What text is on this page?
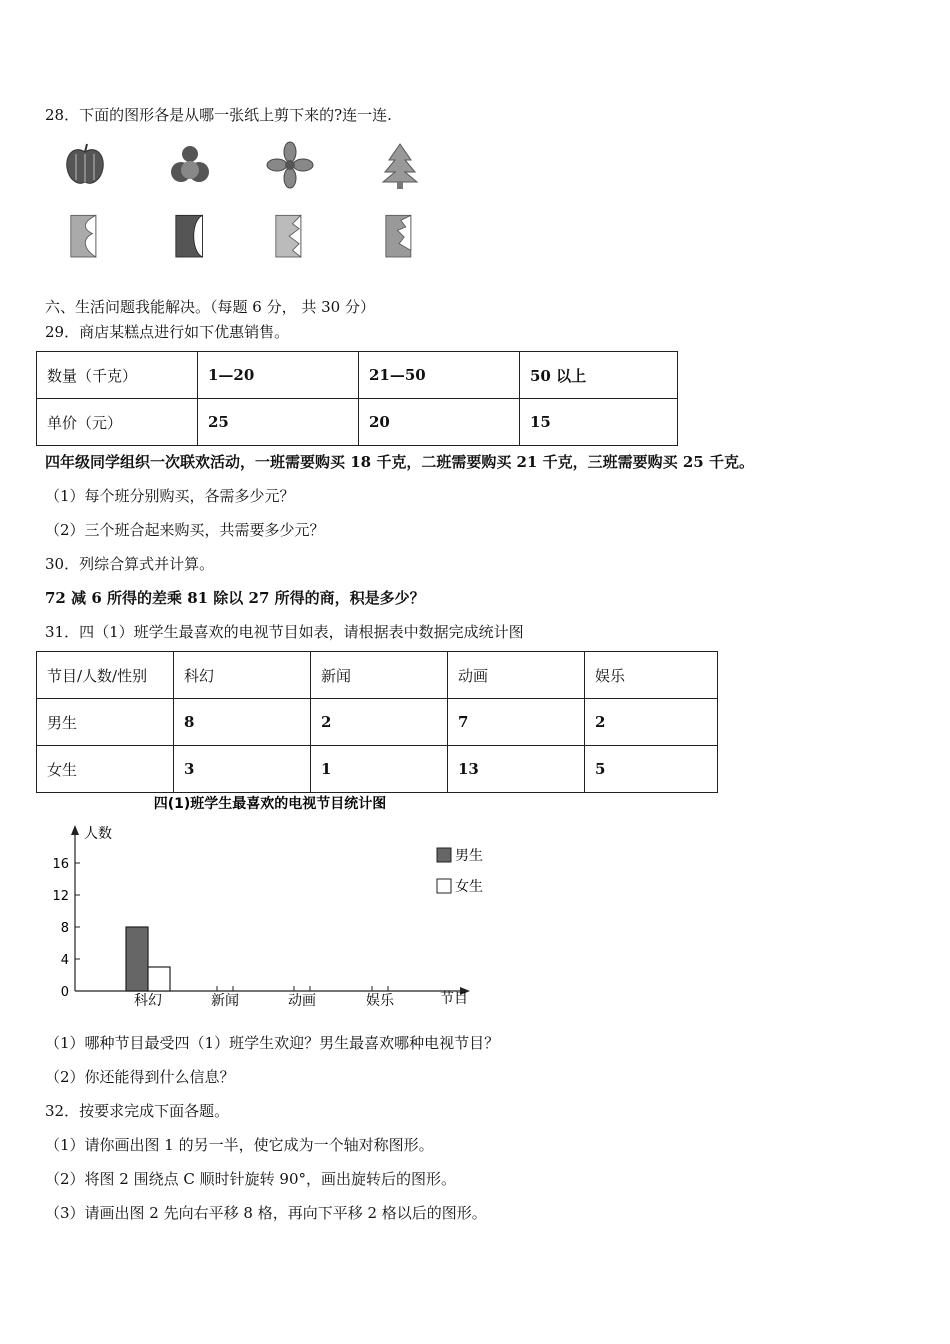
28．下面的图形各是从哪一张纸上剪下来的?连一连.
六、生活问题我能解决。（每题 6 分， 共 30 分）
29．商店某糕点进行如下优惠销售。
数量（千克）	1—20	21—50	50 以上
单价（元）	25	20	15
四年级同学组织一次联欢活动，一班需要购买 18 千克，二班需要购买 21 千克，三班需要购买 25 千克。
（1）每个班分别购买，各需多少元？
（2）三个班合起来购买，共需要多少元？
30．列综合算式并计算。
72 减 6 所得的差乘 81 除以 27 所得的商，积是多少？
31．四（1）班学生最喜欢的电视节目如表，请根据表中数据完成统计图
节目/人数/性别	科幻	新闻	动画	娱乐
男生	8	2	7	2
女生	3	1	13	5
四(1)班学生最喜欢的电视节目统计图
人数
节目
男生
女生
0
4
8
12
16
科幻	新闻	动画	娱乐
（1）哪种节目最受四（1）班学生欢迎？男生最喜欢哪种电视节目？
（2）你还能得到什么信息？
32．按要求完成下面各题。
（1）请你画出图 1 的另一半，使它成为一个轴对称图形。
（2）将图 2 围绕点 C 顺时针旋转 90°，画出旋转后的图形。
（3）请画出图 2 先向右平移 8 格，再向下平移 2 格以后的图形。
